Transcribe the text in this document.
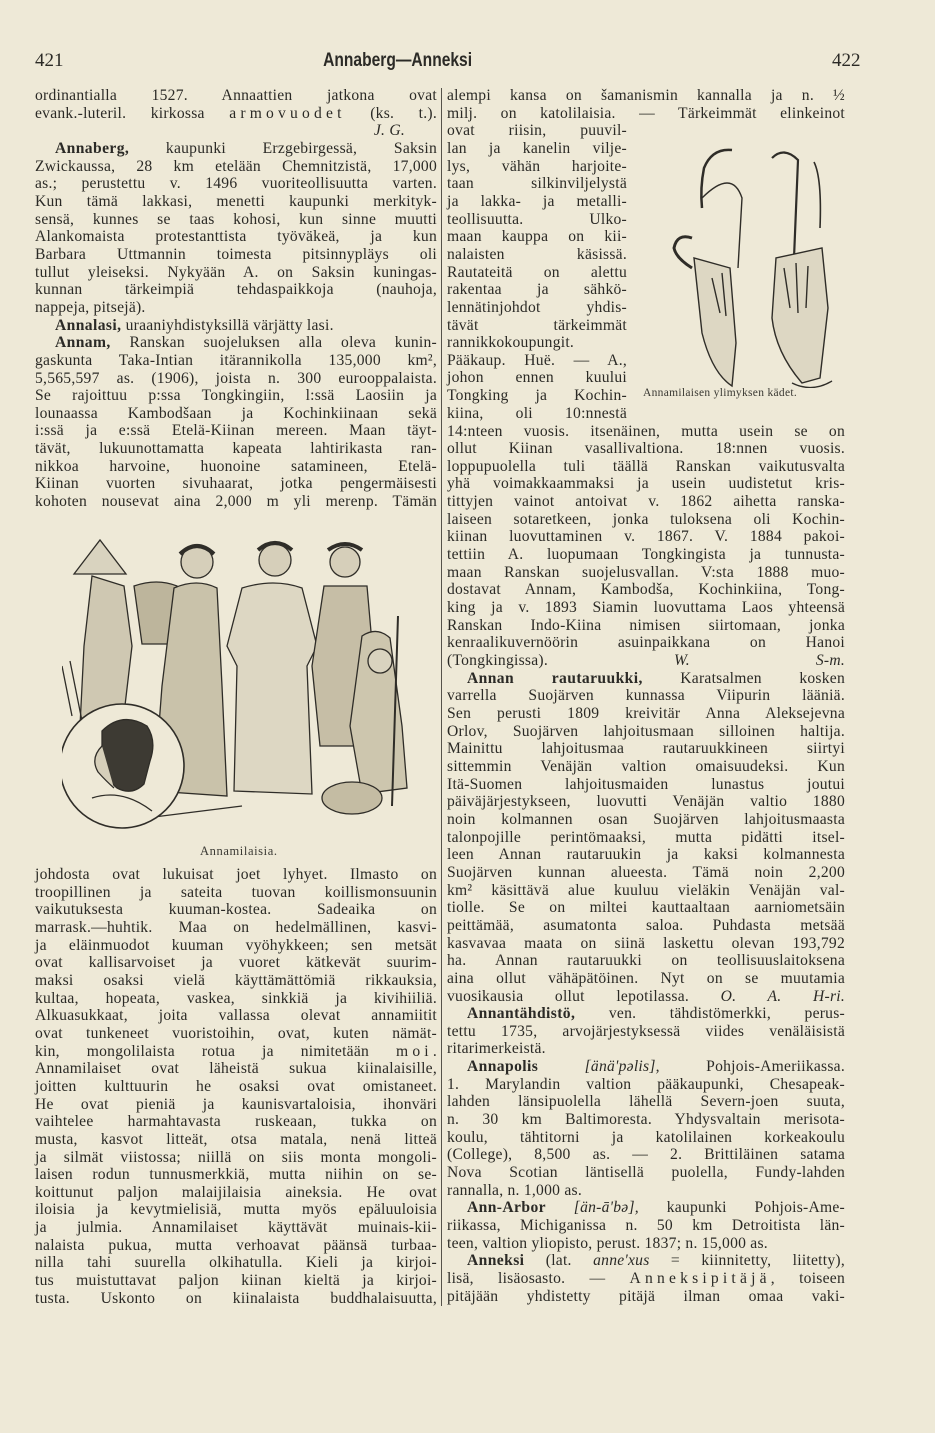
421	Annaberg—Anneksi	422
ordinantialla 1527. Annaattien jatkona ovat
evank.-luteril. kirkossa armovuodet (ks. t.).
J. G.
Annaberg, kaupunki Erzgebirgessä, Saksin
Zwickaussa, 28 km etelään Chemnitzistä, 17,000
as.; perustettu v. 1496 vuoriteollisuutta varten.
Kun tämä lakkasi, menetti kaupunki merkityk-
sensä, kunnes se taas kohosi, kun sinne muutti
Alankomaista protestanttista työväkeä, ja kun
Barbara Uttmannin toimesta pitsinnypläys oli
tullut yleiseksi. Nykyään A. on Saksin kuningas-
kunnan tärkeimpiä tehdaspaikkoja (nauhoja,
nappeja, pitsejä).
Annalasi, uraaniyhdistyksillä värjätty lasi.
Annam, Ranskan suojeluksen alla oleva kunin-
gaskunta Taka-Intian itärannikolla 135,000 km²,
5,565,597 as. (1906), joista n. 300 eurooppalaista.
Se rajoittuu p:ssa Tongkingiin, l:ssä Laosiin ja
lounaassa Kambodšaan ja Kochinkiinaan sekä
i:ssä ja e:ssä Etelä-Kiinan mereen. Maan täyt-
tävät, lukuunottamatta kapeata lahtirikasta ran-
nikkoa harvoine, huonoine satamineen, Etelä-
Kiinan vuorten sivuhaarat, jotka pengermäisesti
kohoten nousevat aina 2,000 m yli merenp. Tämän
Annamilaisia.
johdosta ovat lukuisat joet lyhyet. Ilmasto on
troopillinen ja sateita tuovan koillismonsuunin
vaikutuksesta kuuman-kostea. Sadeaika on
marrask.—huhtik. Maa on hedelmällinen, kasvi-
ja eläinmuodot kuuman vyöhykkeen; sen metsät
ovat kallisarvoiset ja vuoret kätkevät suurim-
maksi osaksi vielä käyttämättömiä rikkauksia,
kultaa, hopeata, vaskea, sinkkiä ja kivihiiliä.
Alkuasukkaat, joita vallassa olevat annamiitit
ovat tunkeneet vuoristoihin, ovat, kuten nämät-
kin, mongolilaista rotua ja nimitetään moi.
Annamilaiset ovat läheistä sukua kiinalaisille,
joitten kulttuurin he osaksi ovat omistaneet.
He ovat pieniä ja kaunisvartaloisia, ihonväri
vaihtelee harmahtavasta ruskeaan, tukka on
musta, kasvot litteät, otsa matala, nenä litteä
ja silmät viistossa; niillä on siis monta mongoli-
laisen rodun tunnusmerkkiä, mutta niihin on se-
koittunut paljon malaijilaisia aineksia. He ovat
iloisia ja kevytmielisiä, mutta myös epäluuloisia
ja julmia. Annamilaiset käyttävät muinais-kii-
nalaista pukua, mutta verhoavat päänsä turbaa-
nilla tahi suurella olkihatulla. Kieli ja kirjoi-
tus muistuttavat paljon kiinan kieltä ja kirjoi-
tusta. Uskonto on kiinalaista buddhalaisuutta,
alempi kansa on šamanismin kannalla ja n. ½
milj. on katolilaisia. — Tärkeimmät elinkeinot
ovat riisin, puuvil-
lan ja kanelin vilje-
lys, vähän harjoite-
taan silkinviljelystä
ja lakka- ja metalli-
teollisuutta. Ulko-
maan kauppa on kii-
nalaisten käsissä.
Rautateitä on alettu
rakentaa ja sähkö-
lennätinjohdot yhdis-
tävät tärkeimmät
rannikkokoupungit.
Pääkaup. Huë. — A.,
johon ennen kuului
Tongking ja Kochin-
kiina, oli 10:nnestä
Annamilaisen ylimyksen kädet.
14:nteen vuosis. itsenäinen, mutta usein se on
ollut Kiinan vasallivaltiona. 18:nnen vuosis.
loppupuolella tuli täällä Ranskan vaikutusvalta
yhä voimakkaammaksi ja usein uudistetut kris-
tittyjen vainot antoivat v. 1862 aihetta ranska-
laiseen sotaretkeen, jonka tuloksena oli Kochin-
kiinan luovuttaminen v. 1867. V. 1884 pakoi-
tettiin A. luopumaan Tongkingista ja tunnusta-
maan Ranskan suojelusvallan. V:sta 1888 muo-
dostavat Annam, Kambodša, Kochinkiina, Tong-
king ja v. 1893 Siamin luovuttama Laos yhteensä
Ranskan Indo-Kiina nimisen siirtomaan, jonka
kenraalikuvernöörin asuinpaikkana on Hanoi
(Tongkingissa). W. S-m.
Annan rautaruukki, Karatsalmen kosken
varrella Suojärven kunnassa Viipurin lääniä.
Sen perusti 1809 kreivitär Anna Aleksejevna
Orlov, Suojärven lahjoitusmaan silloinen haltija.
Mainittu lahjoitusmaa rautaruukkineen siirtyi
sittemmin Venäjän valtion omaisuudeksi. Kun
Itä-Suomen lahjoitusmaiden lunastus joutui
päiväjärjestykseen, luovutti Venäjän valtio 1880
noin kolmannen osan Suojärven lahjoitusmaasta
talonpojille perintömaaksi, mutta pidätti itsel-
leen Annan rautaruukin ja kaksi kolmannesta
Suojärven kunnan alueesta. Tämä noin 2,200
km² käsittävä alue kuuluu vieläkin Venäjän val-
tiolle. Se on miltei kauttaaltaan aarniometsäin
peittämää, asumatonta saloa. Puhdasta metsää
kasvavaa maata on siinä laskettu olevan 193,792
ha. Annan rautaruukki on teollisuuslaitoksena
aina ollut vähäpätöinen. Nyt on se muutamia
vuosikausia ollut lepotilassa. O. A. H-ri.
Annantähdistö, ven. tähdistömerkki, perus-
tettu 1735, arvojärjestyksessä viides venäläisistä
ritarimerkeistä.
Annapolis	[änä'pəlis], Pohjois-Ameriikassa.
1. Marylandin valtion pääkaupunki, Chesapeak-
lahden länsipuolella lähellä Severn-joen suuta,
n. 30 km Baltimoresta. Yhdysvaltain merisota-
koulu, tähtitorni ja katolilainen korkeakoulu
(College), 8,500 as. — 2. Brittiläinen satama
Nova Scotian läntisellä puolella, Fundy-lahden
rannalla, n. 1,000 as.
Ann-Arbor [än-ā'bə], kaupunki Pohjois-Ame-
riikassa, Michiganissa n. 50 km Detroitista län-
teen, valtion yliopisto, perust. 1837; n. 15,000 as.
Anneksi (lat. anne'xus = kiinnitetty, liitetty),
lisä, lisäosasto. — Anneksipitäjä, toiseen
pitäjään yhdistetty pitäjä ilman omaa vaki-
